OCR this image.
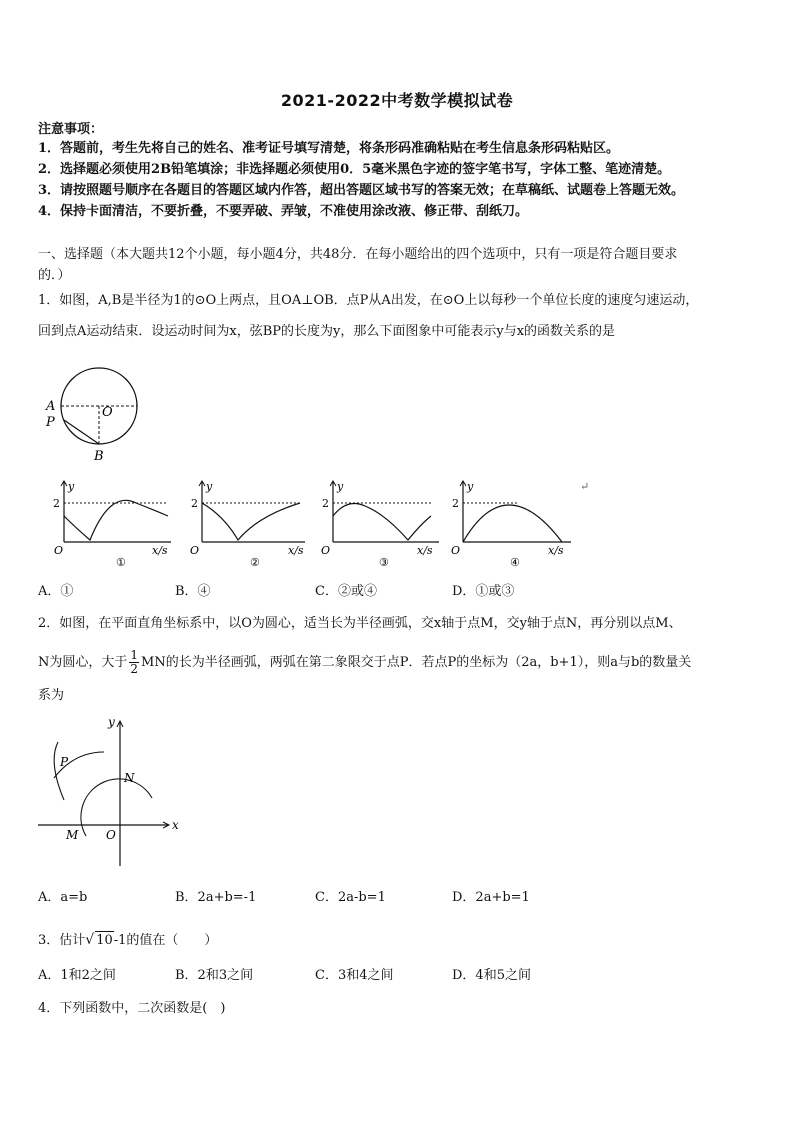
2021-2022中考数学模拟试卷
注意事项：
1．答题前，考生先将自己的姓名、准考证号填写清楚，将条形码准确粘贴在考生信息条形码粘贴区。
2．选择题必须使用2B铅笔填涂；非选择题必须使用0．5毫米黑色字迹的签字笔书写，字体工整、笔迹清楚。
3．请按照题号顺序在各题目的答题区域内作答，超出答题区域书写的答案无效；在草稿纸、试题卷上答题无效。
4．保持卡面清洁，不要折叠，不要弄破、弄皱，不准使用涂改液、修正带、刮纸刀。
一、选择题（本大题共12个小题，每小题4分，共48分．在每小题给出的四个选项中，只有一项是符合题目要求
的．）
1．如图，A,B是半径为1的⊙O上两点，且OA⊥OB．点P从A出发，在⊙O上以每秒一个单位长度的速度匀速运动，
回到点A运动结束．设运动时间为x，弦BP的长度为y，那么下面图象中可能表示y与x的函数关系的是
A	O
P
B
2
y
O	x/s
①
2
y
O	x/s
②
2
y
O	x/s
③
2
y
O	x/s
④
↵
A．①	B．④	C．②或④	D．①或③
2．如图，在平面直角坐标系中，以O为圆心，适当长为半径画弧，交x轴于点M，交y轴于点N，再分别以点M、
N为圆心，大于 $\frac{1}{2}$ MN的长为半径画弧，两弧在第二象限交于点P．若点P的坐标为（2a，b+1），则a与b的数量关
系为
y
x
P
N
M O
A．a=b	B．2a+b=-1	C．2a-b=1	D．2a+b=1
3．估计√ 10-1的值在（　　）
A．1和2之间	B．2和3之间	C．3和4之间	D．4和5之间
4．下列函数中，二次函数是(　)
